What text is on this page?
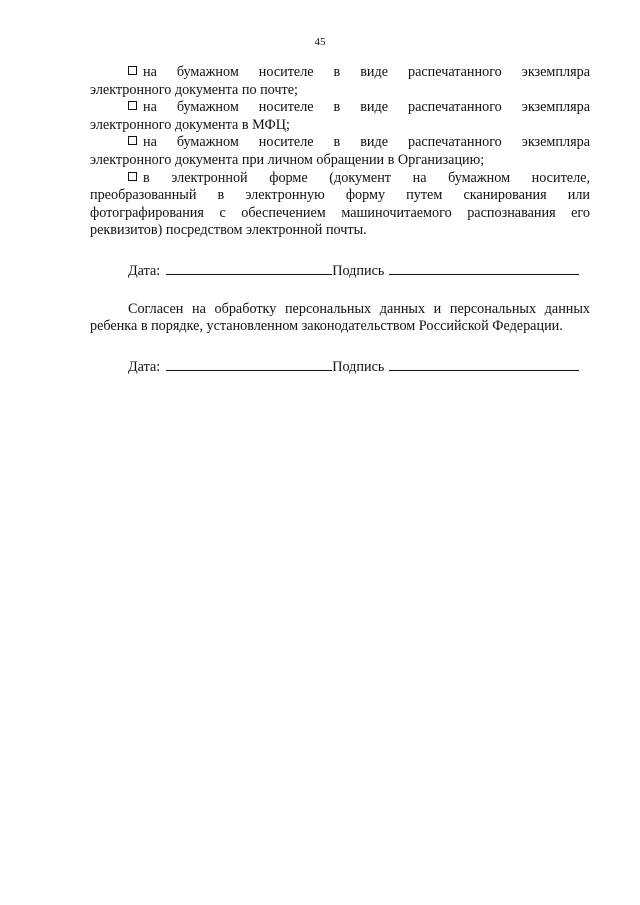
45
на бумажном носителе в виде распечатанного экземпляра
электронного документа по почте;
на бумажном носителе в виде распечатанного экземпляра
электронного документа в МФЦ;
на бумажном носителе в виде распечатанного экземпляра
электронного документа при личном обращении в Организацию;
в электронной форме (документ на бумажном носителе,
преобразованный в электронную форму путем сканирования или фотографирования с обеспечением машиночитаемого распознавания его реквизитов) посредством электронной почты.
Дата:	Подпись
Согласен на обработку персональных данных и персональных данных
ребенка в порядке, установленном законодательством Российской Федерации.
Дата:	Подпись
